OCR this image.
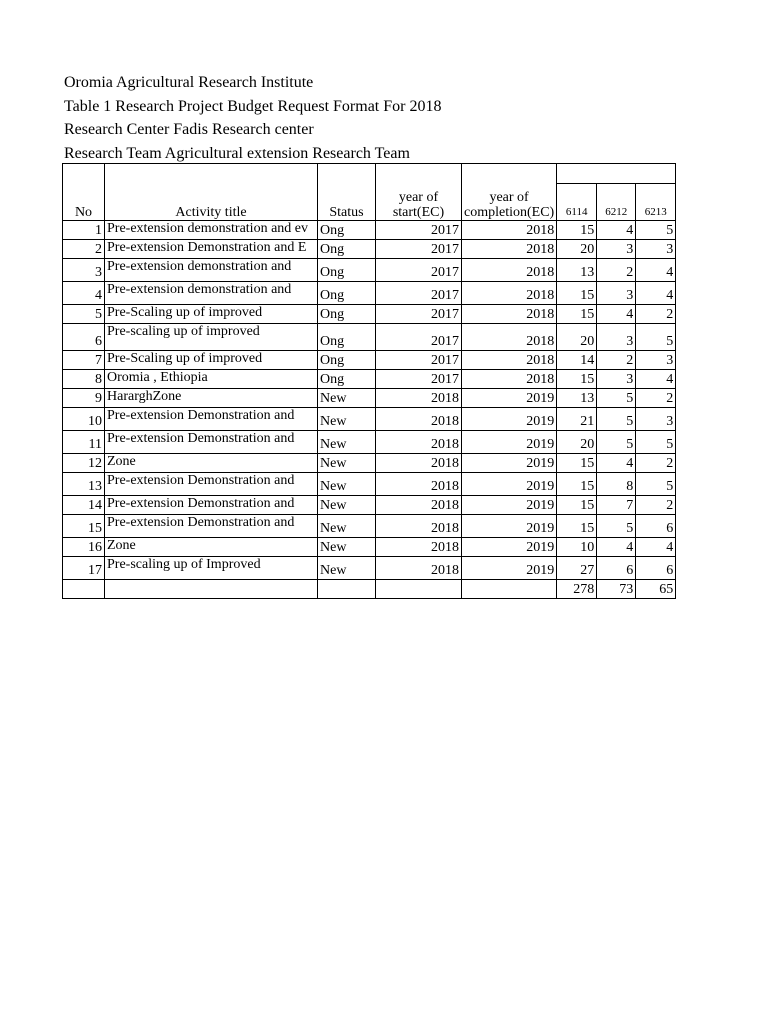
Oromia Agricultural Research Institute
Table 1 Research Project Budget Request Format For 2018
Research Center Fadis Research center
Research Team Agricultural extension Research Team
No	Activity title	Status	year of start(EC)	year of completion(EC)			
					6114	6212	6213
1	Pre-extension demonstration and ev	Ong	2017	2018	15	4	5
2	Pre-extension Demonstration and E	Ong	2017	2018	20	3	3
3	Pre-extension demonstration and	Ong	2017	2018	13	2	4
4	Pre-extension demonstration and	Ong	2017	2018	15	3	4
5	Pre-Scaling up of improved	Ong	2017	2018	15	4	2
6	Pre-scaling up of improved	Ong	2017	2018	20	3	5
7	Pre-Scaling up of improved	Ong	2017	2018	14	2	3
8	Oromia , Ethiopia	Ong	2017	2018	15	3	4
9	HararghZone	New	2018	2019	13	5	2
10	Pre-extension Demonstration and	New	2018	2019	21	5	3
11	Pre-extension Demonstration and	New	2018	2019	20	5	5
12	Zone	New	2018	2019	15	4	2
13	Pre-extension Demonstration and	New	2018	2019	15	8	5
14	Pre-extension Demonstration and	New	2018	2019	15	7	2
15	Pre-extension Demonstration and	New	2018	2019	15	5	6
16	Zone	New	2018	2019	10	4	4
17	Pre-scaling up of Improved	New	2018	2019	27	6	6
					278	73	65
